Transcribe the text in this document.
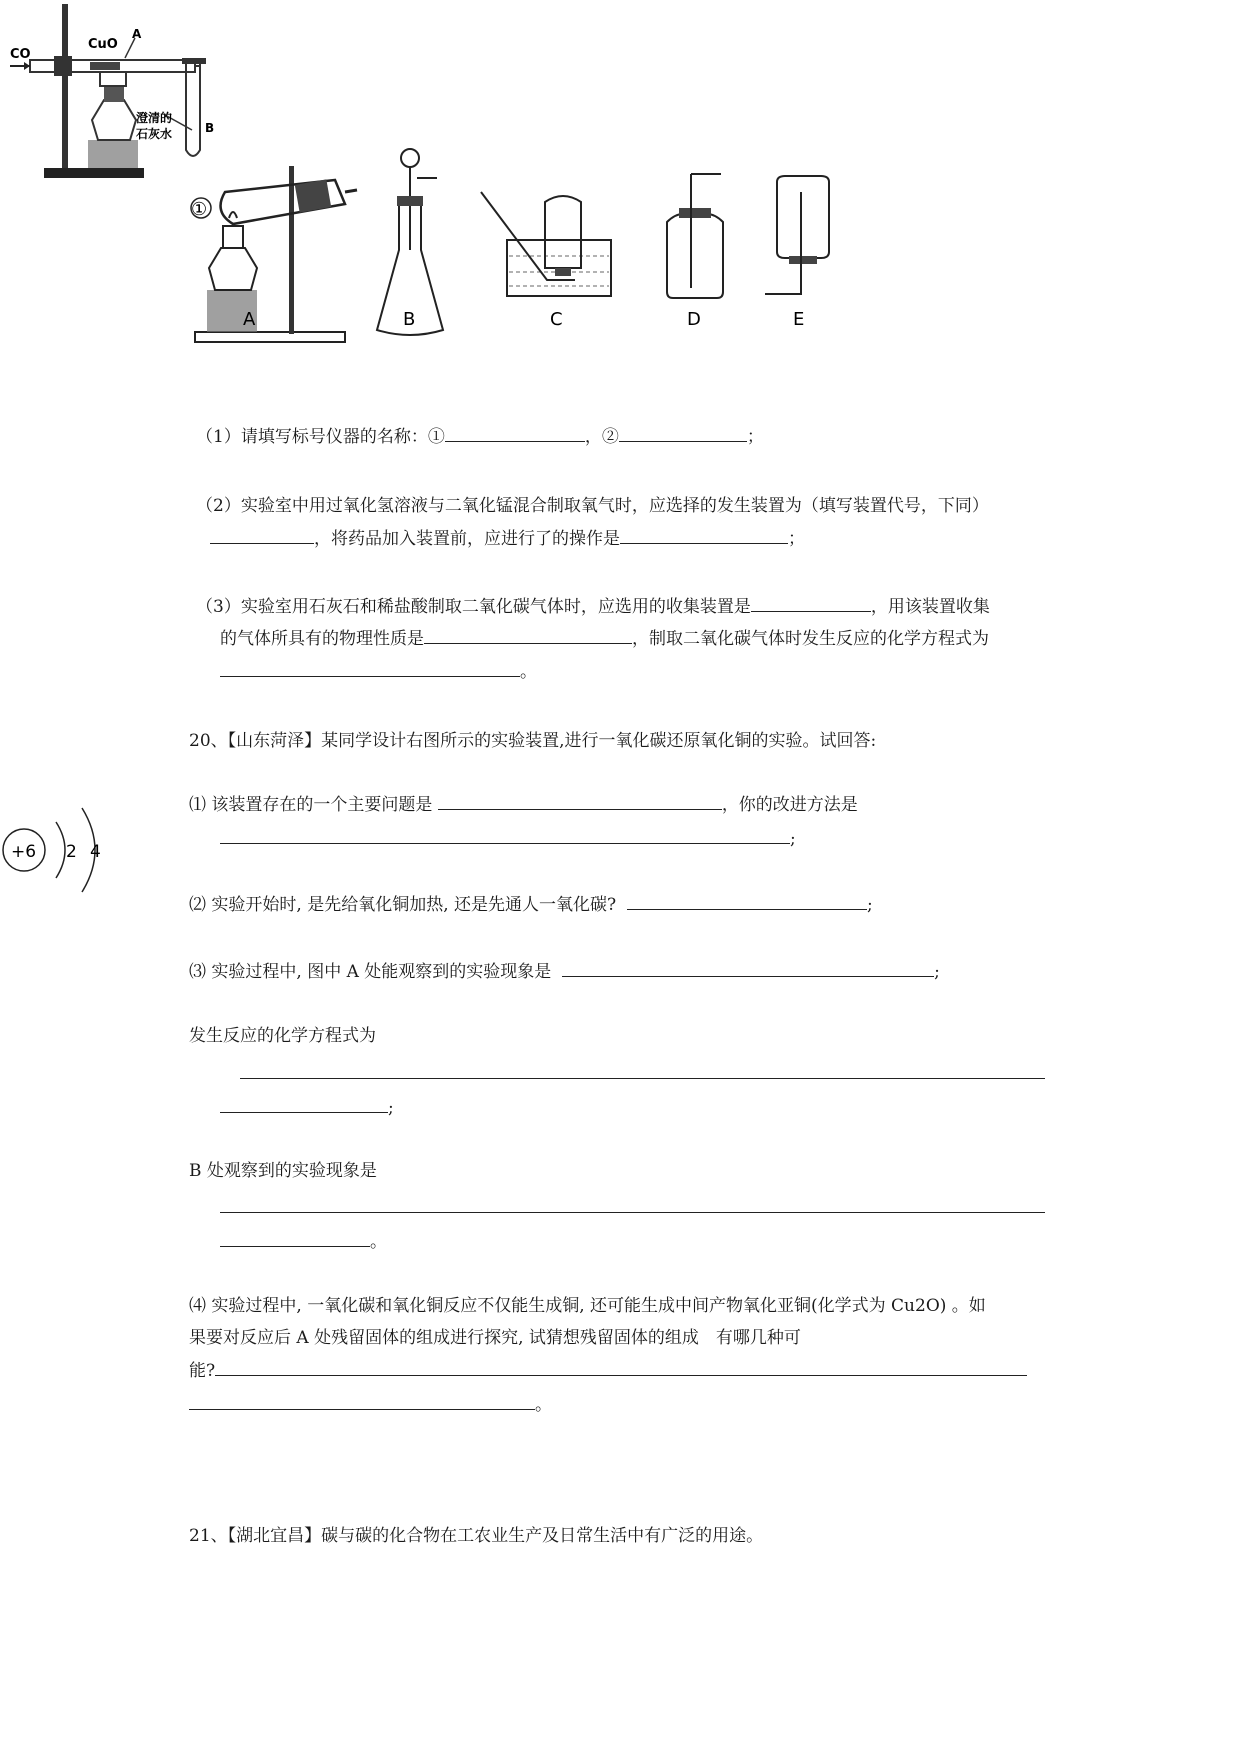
CO
CuO
A
澄清的
石灰水	B
①
A	B	C	D	E
+6 2 4
（1）请填写标号仪器的名称：①	，②	；
（2）实验室中用过氧化氢溶液与二氧化锰混合制取氧气时，应选择的发生装置为（填写装置代号，下同）
，将药品加入装置前，应进行了的操作是	；
（3）实验室用石灰石和稀盐酸制取二氧化碳气体时，应选用的收集装置是	，用该装置收集
的气体所具有的物理性质是	，制取二氧化碳气体时发生反应的化学方程式为
。
20、【山东菏泽】某同学设计右图所示的实验装置,进行一氧化碳还原氧化铜的实验。试回答:
⑴ 该装置存在的一个主要问题是	，你的改进方法是
;
⑵ 实验开始时, 是先给氧化铜加热, 还是先通人一氧化碳?	;
⑶ 实验过程中, 图中 A 处能观察到的实验现象是	;
发生反应的化学方程式为
;
B 处观察到的实验现象是
。
⑷ 实验过程中, 一氧化碳和氧化铜反应不仅能生成铜, 还可能生成中间产物氧化亚铜(化学式为 Cu2O) 。如
果要对反应后 A 处残留固体的组成进行探究, 试猜想残留固体的组成　有哪几种可
能?
。
21、【湖北宜昌】碳与碳的化合物在工农业生产及日常生活中有广泛的用途。
